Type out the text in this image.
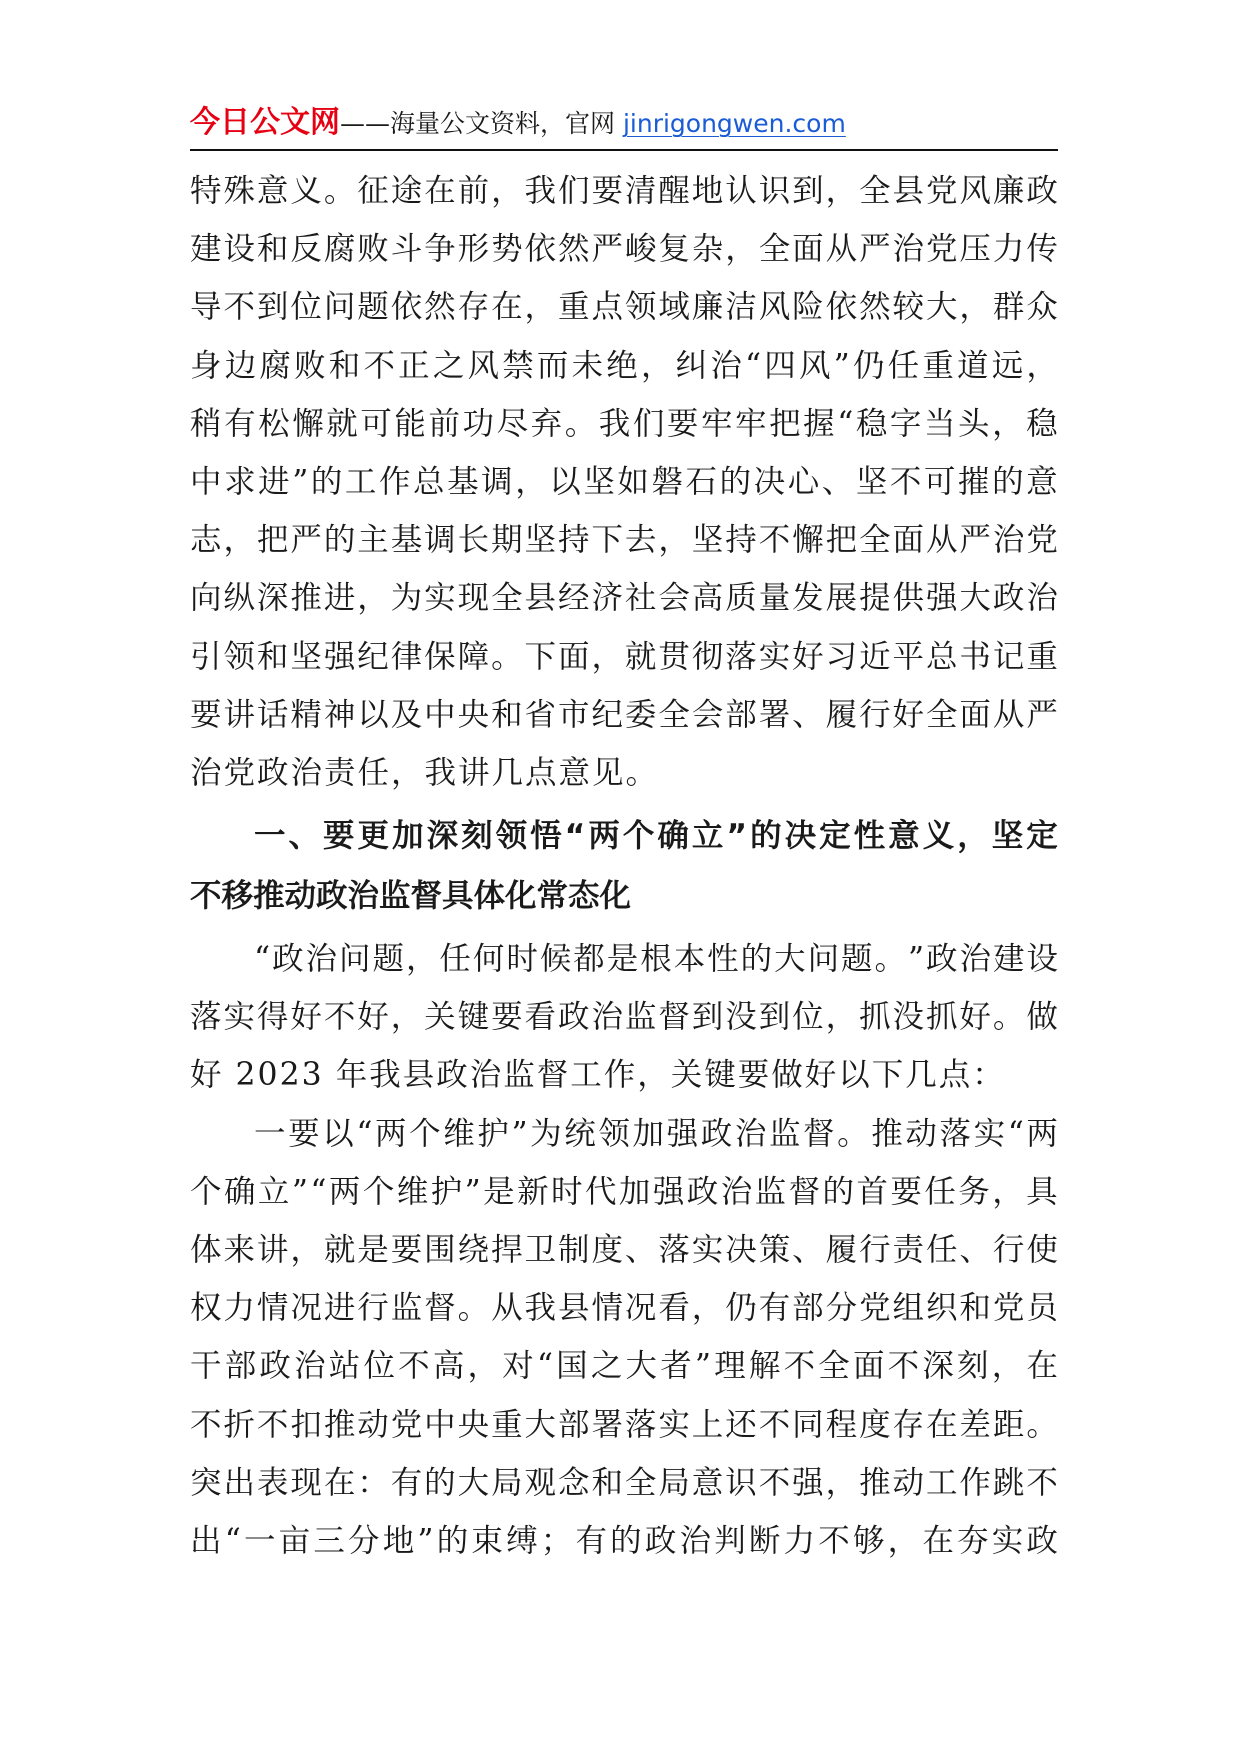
今日公文网——海量公文资料，官网 jinrigongwen.com
特 殊 意 义 。 征 途 在 前 ， 我 们 要 清 醒 地 认 识 到 ， 全 县 党 风 廉 政
建 设 和 反 腐 败 斗 争 形 势 依 然 严 峻 复 杂 ， 全 面 从 严 治 党 压 力 传
导 不 到 位 问 题 依 然 存 在 ， 重 点 领 域 廉 洁 风 险 依 然 较 大 ， 群 众
身 边 腐 败 和 不 正 之 风 禁 而 未 绝 ， 纠 治 “ 四 风 ” 仍 任 重 道 远 ，
稍 有 松 懈 就 可 能 前 功 尽 弃 。 我 们 要 牢 牢 把 握 “ 稳 字 当 头 ， 稳
中 求 进 ” 的 工 作 总 基 调 ， 以 坚 如 磐 石 的 决 心 、 坚 不 可 摧 的 意
志 ， 把 严 的 主 基 调 长 期 坚 持 下 去 ， 坚 持 不 懈 把 全 面 从 严 治 党
向 纵 深 推 进 ， 为 实 现 全 县 经 济 社 会 高 质 量 发 展 提 供 强 大 政 治
引 领 和 坚 强 纪 律 保 障 。 下 面 ， 就 贯 彻 落 实 好 习 近 平 总 书 记 重
要 讲 话 精 神 以 及 中 央 和 省 市 纪 委 全 会 部 署 、 履 行 好 全 面 从 严
治党政治责任，我讲几点意见。
一 、 要 更 加 深 刻 领 悟 “ 两 个 确 立 ” 的 决 定 性 意 义 ， 坚 定
不移推动政治监督具体化常态化
“ 政 治 问 题 ， 任 何 时 候 都 是 根 本 性 的 大 问 题 。 ” 政 治 建 设
落 实 得 好 不 好 ， 关 键 要 看 政 治 监 督 到 没 到 位 ， 抓 没 抓 好 。 做
好 2023 年我县政治监督工作，关键要做好以下几点：
一 要 以 “ 两 个 维 护 ” 为 统 领 加 强 政 治 监 督 。 推 动 落 实 “ 两
个 确 立 ” “ 两 个 维 护 ” 是 新 时 代 加 强 政 治 监 督 的 首 要 任 务 ， 具
体 来 讲 ， 就 是 要 围 绕 捍 卫 制 度 、 落 实 决 策 、 履 行 责 任 、 行 使
权 力 情 况 进 行 监 督 。 从 我 县 情 况 看 ， 仍 有 部 分 党 组 织 和 党 员
干 部 政 治 站 位 不 高 ， 对 “ 国 之 大 者 ” 理 解 不 全 面 不 深 刻 ， 在
不 折 不 扣 推 动 党 中 央 重 大 部 署 落 实 上 还 不 同 程 度 存 在 差 距 。
突 出 表 现 在 ： 有 的 大 局 观 念 和 全 局 意 识 不 强 ， 推 动 工 作 跳 不
出 “ 一 亩 三 分 地 ” 的 束 缚 ； 有 的 政 治 判 断 力 不 够 ， 在 夯 实 政
